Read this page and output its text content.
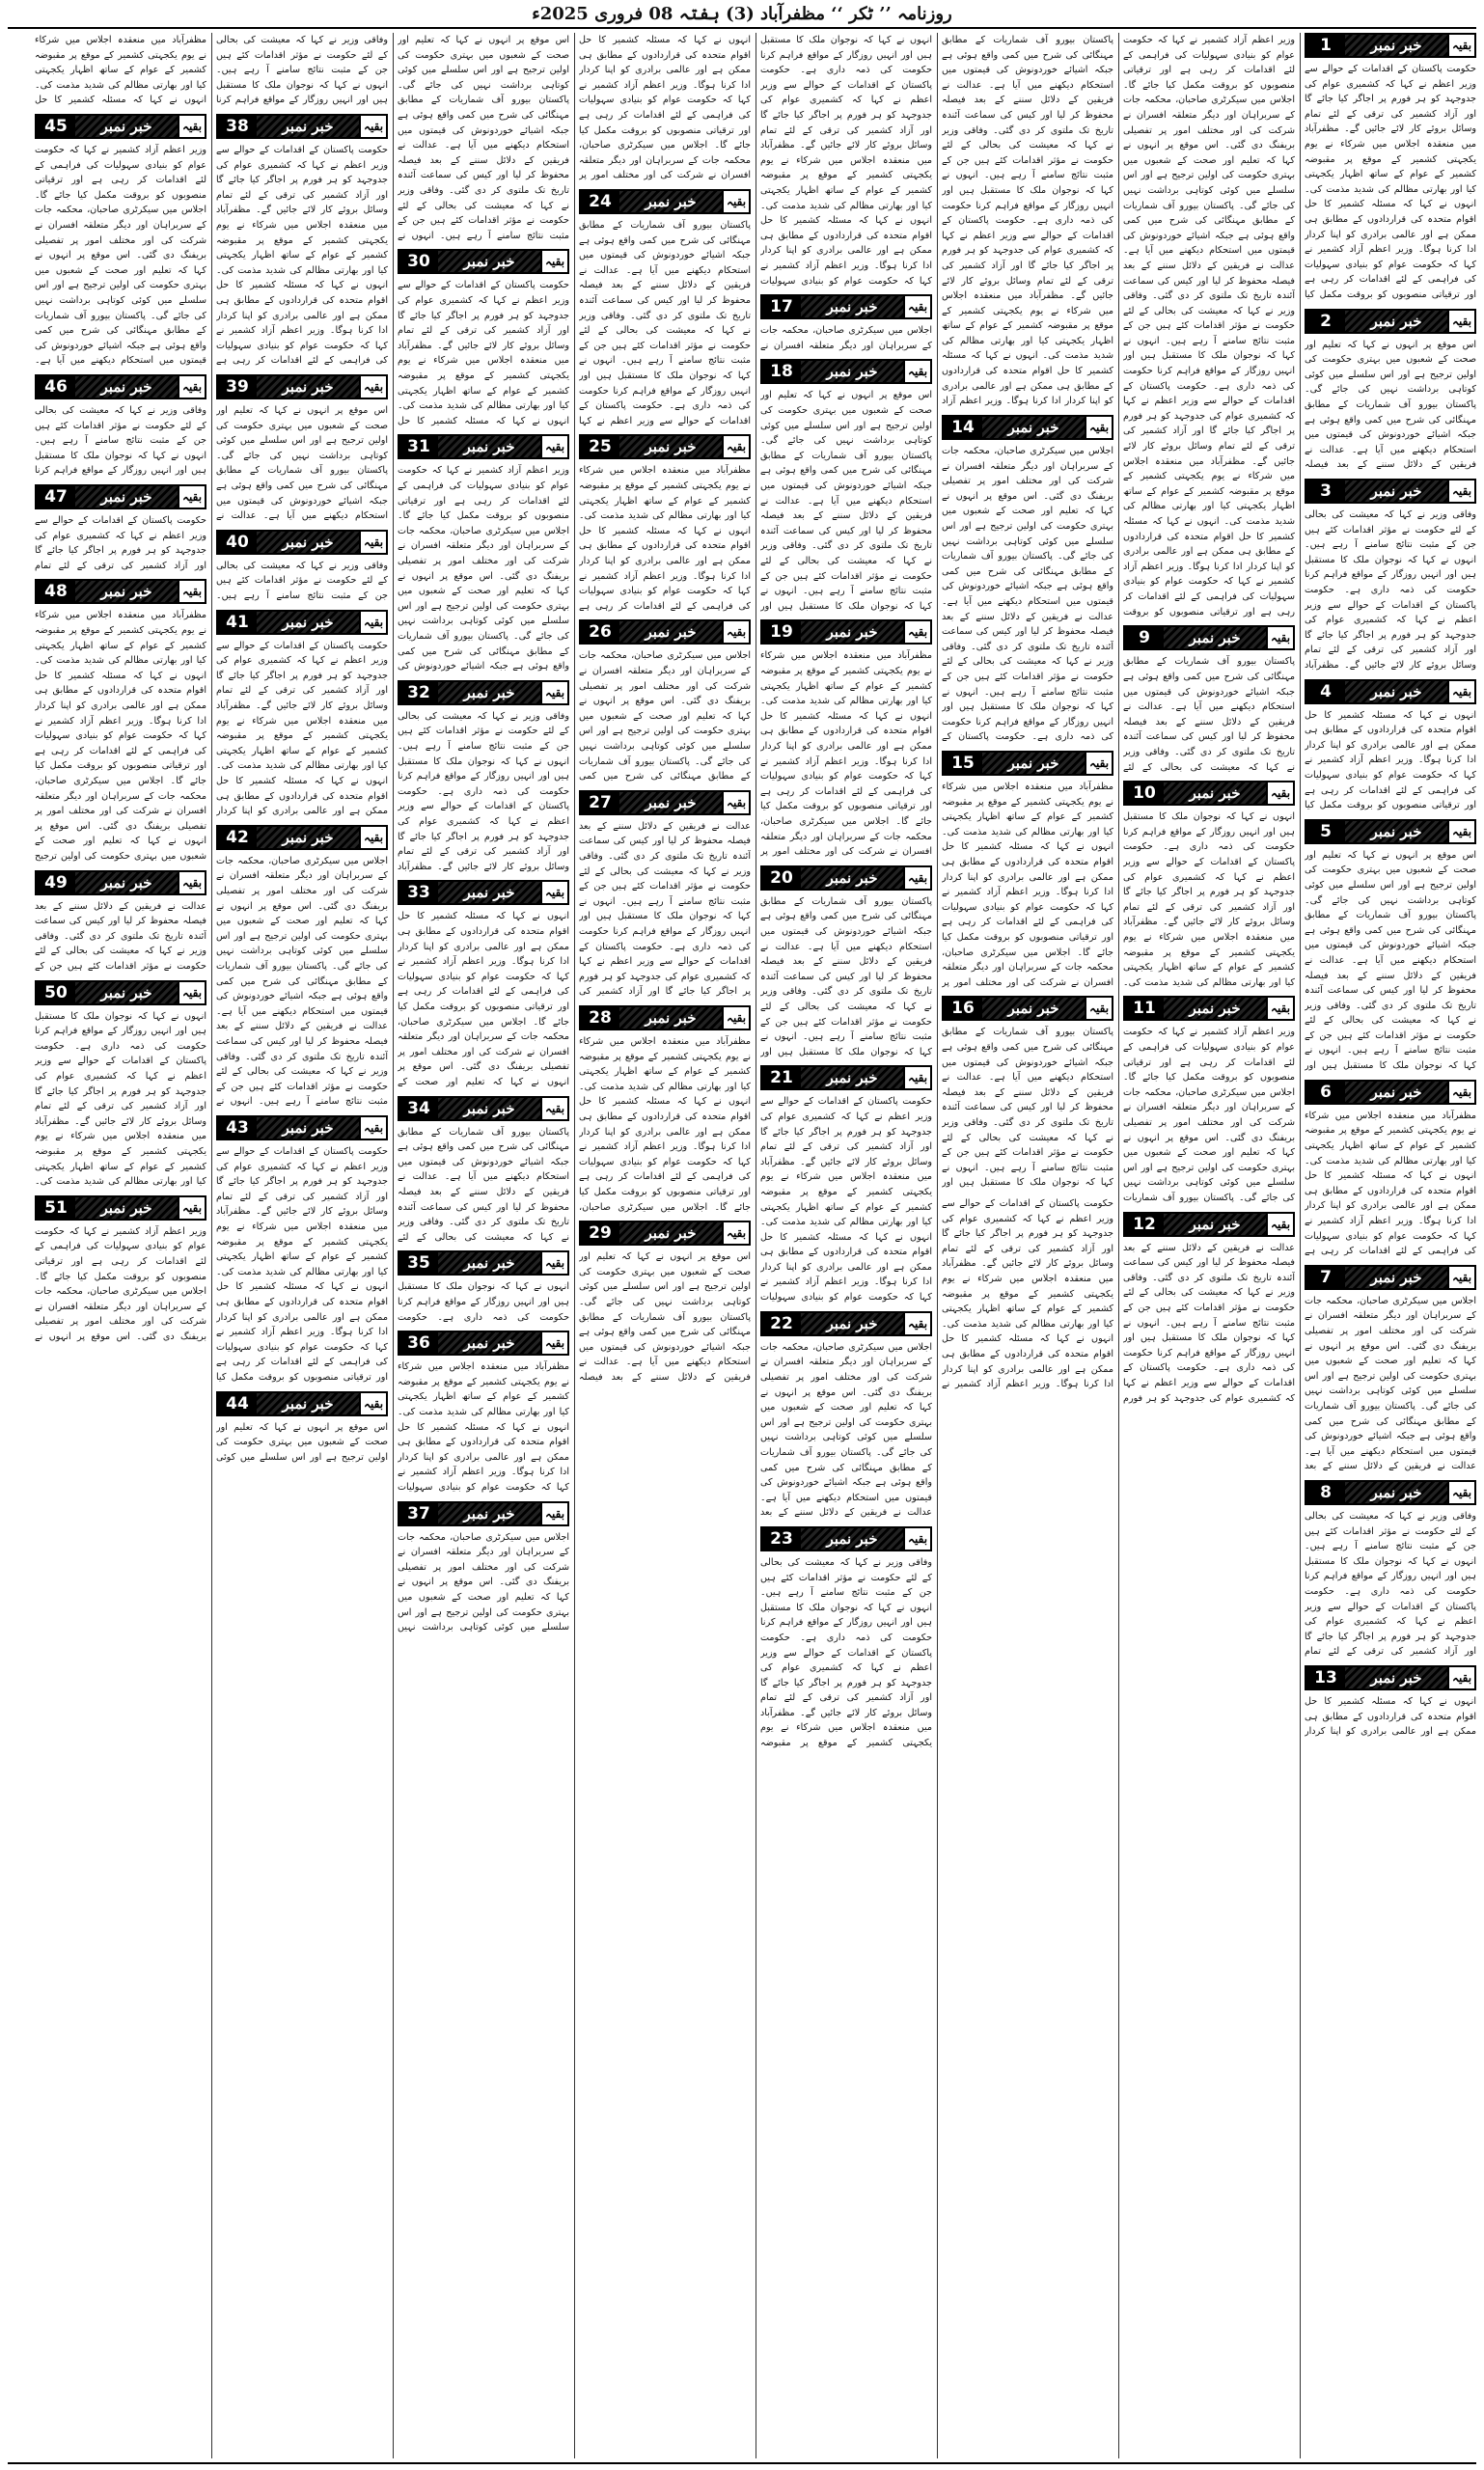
روزنامہ ’’ ٹکر ‘‘ مظفرآباد (3) ہفتہ 08 فروری 2025ء
1	خبر نمبر	بقیہ

حکومت پاکستان کے اقدامات کے حوالے سے وزیر اعظم نے کہا کہ کشمیری عوام کی جدوجہد کو ہر فورم پر اجاگر کیا جائے گا اور آزاد کشمیر کی ترقی کے لئے تمام وسائل بروئے کار لائے جائیں گے۔ مظفرآباد میں منعقدہ اجلاس میں شرکاء نے یوم یکجہتی کشمیر کے موقع پر مقبوضہ کشمیر کے عوام کے ساتھ اظہار یکجہتی کیا اور بھارتی مظالم کی شدید مذمت کی۔ انہوں نے کہا کہ مسئلہ کشمیر کا حل اقوام متحدہ کی قراردادوں کے مطابق ہی ممکن ہے اور عالمی برادری کو اپنا کردار ادا کرنا ہوگا۔ وزیر اعظم آزاد کشمیر نے کہا کہ حکومت عوام کو بنیادی سہولیات کی فراہمی کے لئے اقدامات کر رہی ہے اور ترقیاتی منصوبوں کو بروقت مکمل کیا

2	خبر نمبر	بقیہ

اس موقع پر انہوں نے کہا کہ تعلیم اور صحت کے شعبوں میں بہتری حکومت کی اولین ترجیح ہے اور اس سلسلے میں کوئی کوتاہی برداشت نہیں کی جائے گی۔ پاکستان بیورو آف شماریات کے مطابق مہنگائی کی شرح میں کمی واقع ہوئی ہے جبکہ اشیائے خوردونوش کی قیمتوں میں استحکام دیکھنے میں آیا ہے۔ عدالت نے فریقین کے دلائل سننے کے بعد فیصلہ

3	خبر نمبر	بقیہ

وفاقی وزیر نے کہا کہ معیشت کی بحالی کے لئے حکومت نے مؤثر اقدامات کئے ہیں جن کے مثبت نتائج سامنے آ رہے ہیں۔ انہوں نے کہا کہ نوجوان ملک کا مستقبل ہیں اور انہیں روزگار کے مواقع فراہم کرنا حکومت کی ذمہ داری ہے۔ حکومت پاکستان کے اقدامات کے حوالے سے وزیر اعظم نے کہا کہ کشمیری عوام کی جدوجہد کو ہر فورم پر اجاگر کیا جائے گا اور آزاد کشمیر کی ترقی کے لئے تمام وسائل بروئے کار لائے جائیں گے۔ مظفرآباد

4	خبر نمبر	بقیہ

انہوں نے کہا کہ مسئلہ کشمیر کا حل اقوام متحدہ کی قراردادوں کے مطابق ہی ممکن ہے اور عالمی برادری کو اپنا کردار ادا کرنا ہوگا۔ وزیر اعظم آزاد کشمیر نے کہا کہ حکومت عوام کو بنیادی سہولیات کی فراہمی کے لئے اقدامات کر رہی ہے اور ترقیاتی منصوبوں کو بروقت مکمل کیا

5	خبر نمبر	بقیہ

اس موقع پر انہوں نے کہا کہ تعلیم اور صحت کے شعبوں میں بہتری حکومت کی اولین ترجیح ہے اور اس سلسلے میں کوئی کوتاہی برداشت نہیں کی جائے گی۔ پاکستان بیورو آف شماریات کے مطابق مہنگائی کی شرح میں کمی واقع ہوئی ہے جبکہ اشیائے خوردونوش کی قیمتوں میں استحکام دیکھنے میں آیا ہے۔ عدالت نے فریقین کے دلائل سننے کے بعد فیصلہ محفوظ کر لیا اور کیس کی سماعت آئندہ تاریخ تک ملتوی کر دی گئی۔ وفاقی وزیر نے کہا کہ معیشت کی بحالی کے لئے حکومت نے مؤثر اقدامات کئے ہیں جن کے مثبت نتائج سامنے آ رہے ہیں۔ انہوں نے کہا کہ نوجوان ملک کا مستقبل ہیں اور

6	خبر نمبر	بقیہ

مظفرآباد میں منعقدہ اجلاس میں شرکاء نے یوم یکجہتی کشمیر کے موقع پر مقبوضہ کشمیر کے عوام کے ساتھ اظہار یکجہتی کیا اور بھارتی مظالم کی شدید مذمت کی۔ انہوں نے کہا کہ مسئلہ کشمیر کا حل اقوام متحدہ کی قراردادوں کے مطابق ہی ممکن ہے اور عالمی برادری کو اپنا کردار ادا کرنا ہوگا۔ وزیر اعظم آزاد کشمیر نے کہا کہ حکومت عوام کو بنیادی سہولیات کی فراہمی کے لئے اقدامات کر رہی ہے

7	خبر نمبر	بقیہ

اجلاس میں سیکرٹری صاحبان، محکمہ جات کے سربراہان اور دیگر متعلقہ افسران نے شرکت کی اور مختلف امور پر تفصیلی بریفنگ دی گئی۔ اس موقع پر انہوں نے کہا کہ تعلیم اور صحت کے شعبوں میں بہتری حکومت کی اولین ترجیح ہے اور اس سلسلے میں کوئی کوتاہی برداشت نہیں کی جائے گی۔ پاکستان بیورو آف شماریات کے مطابق مہنگائی کی شرح میں کمی واقع ہوئی ہے جبکہ اشیائے خوردونوش کی قیمتوں میں استحکام دیکھنے میں آیا ہے۔ عدالت نے فریقین کے دلائل سننے کے بعد

8	خبر نمبر	بقیہ

وفاقی وزیر نے کہا کہ معیشت کی بحالی کے لئے حکومت نے مؤثر اقدامات کئے ہیں جن کے مثبت نتائج سامنے آ رہے ہیں۔ انہوں نے کہا کہ نوجوان ملک کا مستقبل ہیں اور انہیں روزگار کے مواقع فراہم کرنا حکومت کی ذمہ داری ہے۔ حکومت پاکستان کے اقدامات کے حوالے سے وزیر اعظم نے کہا کہ کشمیری عوام کی جدوجہد کو ہر فورم پر اجاگر کیا جائے گا اور آزاد کشمیر کی ترقی کے لئے تمام

13	خبر نمبر	بقیہ

انہوں نے کہا کہ مسئلہ کشمیر کا حل اقوام متحدہ کی قراردادوں کے مطابق ہی ممکن ہے اور عالمی برادری کو اپنا کردار

وزیر اعظم آزاد کشمیر نے کہا کہ حکومت عوام کو بنیادی سہولیات کی فراہمی کے لئے اقدامات کر رہی ہے اور ترقیاتی منصوبوں کو بروقت مکمل کیا جائے گا۔ اجلاس میں سیکرٹری صاحبان، محکمہ جات کے سربراہان اور دیگر متعلقہ افسران نے شرکت کی اور مختلف امور پر تفصیلی بریفنگ دی گئی۔ اس موقع پر انہوں نے کہا کہ تعلیم اور صحت کے شعبوں میں بہتری حکومت کی اولین ترجیح ہے اور اس سلسلے میں کوئی کوتاہی برداشت نہیں کی جائے گی۔ پاکستان بیورو آف شماریات کے مطابق مہنگائی کی شرح میں کمی واقع ہوئی ہے جبکہ اشیائے خوردونوش کی قیمتوں میں استحکام دیکھنے میں آیا ہے۔ عدالت نے فریقین کے دلائل سننے کے بعد فیصلہ محفوظ کر لیا اور کیس کی سماعت آئندہ تاریخ تک ملتوی کر دی گئی۔ وفاقی وزیر نے کہا کہ معیشت کی بحالی کے لئے حکومت نے مؤثر اقدامات کئے ہیں جن کے مثبت نتائج سامنے آ رہے ہیں۔ انہوں نے کہا کہ نوجوان ملک کا مستقبل ہیں اور انہیں روزگار کے مواقع فراہم کرنا حکومت کی ذمہ داری ہے۔ حکومت پاکستان کے اقدامات کے حوالے سے وزیر اعظم نے کہا کہ کشمیری عوام کی جدوجہد کو ہر فورم پر اجاگر کیا جائے گا اور آزاد کشمیر کی ترقی کے لئے تمام وسائل بروئے کار لائے جائیں گے۔ مظفرآباد میں منعقدہ اجلاس میں شرکاء نے یوم یکجہتی کشمیر کے موقع پر مقبوضہ کشمیر کے عوام کے ساتھ اظہار یکجہتی کیا اور بھارتی مظالم کی شدید مذمت کی۔ انہوں نے کہا کہ مسئلہ کشمیر کا حل اقوام متحدہ کی قراردادوں کے مطابق ہی ممکن ہے اور عالمی برادری کو اپنا کردار ادا کرنا ہوگا۔ وزیر اعظم آزاد کشمیر نے کہا کہ حکومت عوام کو بنیادی سہولیات کی فراہمی کے لئے اقدامات کر رہی ہے اور ترقیاتی منصوبوں کو بروقت

9	خبر نمبر	بقیہ

پاکستان بیورو آف شماریات کے مطابق مہنگائی کی شرح میں کمی واقع ہوئی ہے جبکہ اشیائے خوردونوش کی قیمتوں میں استحکام دیکھنے میں آیا ہے۔ عدالت نے فریقین کے دلائل سننے کے بعد فیصلہ محفوظ کر لیا اور کیس کی سماعت آئندہ تاریخ تک ملتوی کر دی گئی۔ وفاقی وزیر نے کہا کہ معیشت کی بحالی کے لئے

10	خبر نمبر	بقیہ

انہوں نے کہا کہ نوجوان ملک کا مستقبل ہیں اور انہیں روزگار کے مواقع فراہم کرنا حکومت کی ذمہ داری ہے۔ حکومت پاکستان کے اقدامات کے حوالے سے وزیر اعظم نے کہا کہ کشمیری عوام کی جدوجہد کو ہر فورم پر اجاگر کیا جائے گا اور آزاد کشمیر کی ترقی کے لئے تمام وسائل بروئے کار لائے جائیں گے۔ مظفرآباد میں منعقدہ اجلاس میں شرکاء نے یوم یکجہتی کشمیر کے موقع پر مقبوضہ کشمیر کے عوام کے ساتھ اظہار یکجہتی کیا اور بھارتی مظالم کی شدید مذمت کی۔

11	خبر نمبر	بقیہ

وزیر اعظم آزاد کشمیر نے کہا کہ حکومت عوام کو بنیادی سہولیات کی فراہمی کے لئے اقدامات کر رہی ہے اور ترقیاتی منصوبوں کو بروقت مکمل کیا جائے گا۔ اجلاس میں سیکرٹری صاحبان، محکمہ جات کے سربراہان اور دیگر متعلقہ افسران نے شرکت کی اور مختلف امور پر تفصیلی بریفنگ دی گئی۔ اس موقع پر انہوں نے کہا کہ تعلیم اور صحت کے شعبوں میں بہتری حکومت کی اولین ترجیح ہے اور اس سلسلے میں کوئی کوتاہی برداشت نہیں کی جائے گی۔ پاکستان بیورو آف شماریات

12	خبر نمبر	بقیہ

عدالت نے فریقین کے دلائل سننے کے بعد فیصلہ محفوظ کر لیا اور کیس کی سماعت آئندہ تاریخ تک ملتوی کر دی گئی۔ وفاقی وزیر نے کہا کہ معیشت کی بحالی کے لئے حکومت نے مؤثر اقدامات کئے ہیں جن کے مثبت نتائج سامنے آ رہے ہیں۔ انہوں نے کہا کہ نوجوان ملک کا مستقبل ہیں اور انہیں روزگار کے مواقع فراہم کرنا حکومت کی ذمہ داری ہے۔ حکومت پاکستان کے اقدامات کے حوالے سے وزیر اعظم نے کہا کہ کشمیری عوام کی جدوجہد کو ہر فورم

پاکستان بیورو آف شماریات کے مطابق مہنگائی کی شرح میں کمی واقع ہوئی ہے جبکہ اشیائے خوردونوش کی قیمتوں میں استحکام دیکھنے میں آیا ہے۔ عدالت نے فریقین کے دلائل سننے کے بعد فیصلہ محفوظ کر لیا اور کیس کی سماعت آئندہ تاریخ تک ملتوی کر دی گئی۔ وفاقی وزیر نے کہا کہ معیشت کی بحالی کے لئے حکومت نے مؤثر اقدامات کئے ہیں جن کے مثبت نتائج سامنے آ رہے ہیں۔ انہوں نے کہا کہ نوجوان ملک کا مستقبل ہیں اور انہیں روزگار کے مواقع فراہم کرنا حکومت کی ذمہ داری ہے۔ حکومت پاکستان کے اقدامات کے حوالے سے وزیر اعظم نے کہا کہ کشمیری عوام کی جدوجہد کو ہر فورم پر اجاگر کیا جائے گا اور آزاد کشمیر کی ترقی کے لئے تمام وسائل بروئے کار لائے جائیں گے۔ مظفرآباد میں منعقدہ اجلاس میں شرکاء نے یوم یکجہتی کشمیر کے موقع پر مقبوضہ کشمیر کے عوام کے ساتھ اظہار یکجہتی کیا اور بھارتی مظالم کی شدید مذمت کی۔ انہوں نے کہا کہ مسئلہ کشمیر کا حل اقوام متحدہ کی قراردادوں کے مطابق ہی ممکن ہے اور عالمی برادری کو اپنا کردار ادا کرنا ہوگا۔ وزیر اعظم آزاد

14	خبر نمبر	بقیہ

اجلاس میں سیکرٹری صاحبان، محکمہ جات کے سربراہان اور دیگر متعلقہ افسران نے شرکت کی اور مختلف امور پر تفصیلی بریفنگ دی گئی۔ اس موقع پر انہوں نے کہا کہ تعلیم اور صحت کے شعبوں میں بہتری حکومت کی اولین ترجیح ہے اور اس سلسلے میں کوئی کوتاہی برداشت نہیں کی جائے گی۔ پاکستان بیورو آف شماریات کے مطابق مہنگائی کی شرح میں کمی واقع ہوئی ہے جبکہ اشیائے خوردونوش کی قیمتوں میں استحکام دیکھنے میں آیا ہے۔ عدالت نے فریقین کے دلائل سننے کے بعد فیصلہ محفوظ کر لیا اور کیس کی سماعت آئندہ تاریخ تک ملتوی کر دی گئی۔ وفاقی وزیر نے کہا کہ معیشت کی بحالی کے لئے حکومت نے مؤثر اقدامات کئے ہیں جن کے مثبت نتائج سامنے آ رہے ہیں۔ انہوں نے کہا کہ نوجوان ملک کا مستقبل ہیں اور انہیں روزگار کے مواقع فراہم کرنا حکومت کی ذمہ داری ہے۔ حکومت پاکستان کے

15	خبر نمبر	بقیہ

مظفرآباد میں منعقدہ اجلاس میں شرکاء نے یوم یکجہتی کشمیر کے موقع پر مقبوضہ کشمیر کے عوام کے ساتھ اظہار یکجہتی کیا اور بھارتی مظالم کی شدید مذمت کی۔ انہوں نے کہا کہ مسئلہ کشمیر کا حل اقوام متحدہ کی قراردادوں کے مطابق ہی ممکن ہے اور عالمی برادری کو اپنا کردار ادا کرنا ہوگا۔ وزیر اعظم آزاد کشمیر نے کہا کہ حکومت عوام کو بنیادی سہولیات کی فراہمی کے لئے اقدامات کر رہی ہے اور ترقیاتی منصوبوں کو بروقت مکمل کیا جائے گا۔ اجلاس میں سیکرٹری صاحبان، محکمہ جات کے سربراہان اور دیگر متعلقہ افسران نے شرکت کی اور مختلف امور پر

16	خبر نمبر	بقیہ

پاکستان بیورو آف شماریات کے مطابق مہنگائی کی شرح میں کمی واقع ہوئی ہے جبکہ اشیائے خوردونوش کی قیمتوں میں استحکام دیکھنے میں آیا ہے۔ عدالت نے فریقین کے دلائل سننے کے بعد فیصلہ محفوظ کر لیا اور کیس کی سماعت آئندہ تاریخ تک ملتوی کر دی گئی۔ وفاقی وزیر نے کہا کہ معیشت کی بحالی کے لئے حکومت نے مؤثر اقدامات کئے ہیں جن کے مثبت نتائج سامنے آ رہے ہیں۔ انہوں نے کہا کہ نوجوان ملک کا مستقبل ہیں اور

حکومت پاکستان کے اقدامات کے حوالے سے وزیر اعظم نے کہا کہ کشمیری عوام کی جدوجہد کو ہر فورم پر اجاگر کیا جائے گا اور آزاد کشمیر کی ترقی کے لئے تمام وسائل بروئے کار لائے جائیں گے۔ مظفرآباد میں منعقدہ اجلاس میں شرکاء نے یوم یکجہتی کشمیر کے موقع پر مقبوضہ کشمیر کے عوام کے ساتھ اظہار یکجہتی کیا اور بھارتی مظالم کی شدید مذمت کی۔ انہوں نے کہا کہ مسئلہ کشمیر کا حل اقوام متحدہ کی قراردادوں کے مطابق ہی ممکن ہے اور عالمی برادری کو اپنا کردار ادا کرنا ہوگا۔ وزیر اعظم آزاد کشمیر نے

انہوں نے کہا کہ نوجوان ملک کا مستقبل ہیں اور انہیں روزگار کے مواقع فراہم کرنا حکومت کی ذمہ داری ہے۔ حکومت پاکستان کے اقدامات کے حوالے سے وزیر اعظم نے کہا کہ کشمیری عوام کی جدوجہد کو ہر فورم پر اجاگر کیا جائے گا اور آزاد کشمیر کی ترقی کے لئے تمام وسائل بروئے کار لائے جائیں گے۔ مظفرآباد میں منعقدہ اجلاس میں شرکاء نے یوم یکجہتی کشمیر کے موقع پر مقبوضہ کشمیر کے عوام کے ساتھ اظہار یکجہتی کیا اور بھارتی مظالم کی شدید مذمت کی۔ انہوں نے کہا کہ مسئلہ کشمیر کا حل اقوام متحدہ کی قراردادوں کے مطابق ہی ممکن ہے اور عالمی برادری کو اپنا کردار ادا کرنا ہوگا۔ وزیر اعظم آزاد کشمیر نے کہا کہ حکومت عوام کو بنیادی سہولیات

17	خبر نمبر	بقیہ

اجلاس میں سیکرٹری صاحبان، محکمہ جات کے سربراہان اور دیگر متعلقہ افسران نے

18	خبر نمبر	بقیہ

اس موقع پر انہوں نے کہا کہ تعلیم اور صحت کے شعبوں میں بہتری حکومت کی اولین ترجیح ہے اور اس سلسلے میں کوئی کوتاہی برداشت نہیں کی جائے گی۔ پاکستان بیورو آف شماریات کے مطابق مہنگائی کی شرح میں کمی واقع ہوئی ہے جبکہ اشیائے خوردونوش کی قیمتوں میں استحکام دیکھنے میں آیا ہے۔ عدالت نے فریقین کے دلائل سننے کے بعد فیصلہ محفوظ کر لیا اور کیس کی سماعت آئندہ تاریخ تک ملتوی کر دی گئی۔ وفاقی وزیر نے کہا کہ معیشت کی بحالی کے لئے حکومت نے مؤثر اقدامات کئے ہیں جن کے مثبت نتائج سامنے آ رہے ہیں۔ انہوں نے کہا کہ نوجوان ملک کا مستقبل ہیں اور

19	خبر نمبر	بقیہ

مظفرآباد میں منعقدہ اجلاس میں شرکاء نے یوم یکجہتی کشمیر کے موقع پر مقبوضہ کشمیر کے عوام کے ساتھ اظہار یکجہتی کیا اور بھارتی مظالم کی شدید مذمت کی۔ انہوں نے کہا کہ مسئلہ کشمیر کا حل اقوام متحدہ کی قراردادوں کے مطابق ہی ممکن ہے اور عالمی برادری کو اپنا کردار ادا کرنا ہوگا۔ وزیر اعظم آزاد کشمیر نے کہا کہ حکومت عوام کو بنیادی سہولیات کی فراہمی کے لئے اقدامات کر رہی ہے اور ترقیاتی منصوبوں کو بروقت مکمل کیا جائے گا۔ اجلاس میں سیکرٹری صاحبان، محکمہ جات کے سربراہان اور دیگر متعلقہ افسران نے شرکت کی اور مختلف امور پر

20	خبر نمبر	بقیہ

پاکستان بیورو آف شماریات کے مطابق مہنگائی کی شرح میں کمی واقع ہوئی ہے جبکہ اشیائے خوردونوش کی قیمتوں میں استحکام دیکھنے میں آیا ہے۔ عدالت نے فریقین کے دلائل سننے کے بعد فیصلہ محفوظ کر لیا اور کیس کی سماعت آئندہ تاریخ تک ملتوی کر دی گئی۔ وفاقی وزیر نے کہا کہ معیشت کی بحالی کے لئے حکومت نے مؤثر اقدامات کئے ہیں جن کے مثبت نتائج سامنے آ رہے ہیں۔ انہوں نے کہا کہ نوجوان ملک کا مستقبل ہیں اور

21	خبر نمبر	بقیہ

حکومت پاکستان کے اقدامات کے حوالے سے وزیر اعظم نے کہا کہ کشمیری عوام کی جدوجہد کو ہر فورم پر اجاگر کیا جائے گا اور آزاد کشمیر کی ترقی کے لئے تمام وسائل بروئے کار لائے جائیں گے۔ مظفرآباد میں منعقدہ اجلاس میں شرکاء نے یوم یکجہتی کشمیر کے موقع پر مقبوضہ کشمیر کے عوام کے ساتھ اظہار یکجہتی کیا اور بھارتی مظالم کی شدید مذمت کی۔ انہوں نے کہا کہ مسئلہ کشمیر کا حل اقوام متحدہ کی قراردادوں کے مطابق ہی ممکن ہے اور عالمی برادری کو اپنا کردار ادا کرنا ہوگا۔ وزیر اعظم آزاد کشمیر نے کہا کہ حکومت عوام کو بنیادی سہولیات

22	خبر نمبر	بقیہ

اجلاس میں سیکرٹری صاحبان، محکمہ جات کے سربراہان اور دیگر متعلقہ افسران نے شرکت کی اور مختلف امور پر تفصیلی بریفنگ دی گئی۔ اس موقع پر انہوں نے کہا کہ تعلیم اور صحت کے شعبوں میں بہتری حکومت کی اولین ترجیح ہے اور اس سلسلے میں کوئی کوتاہی برداشت نہیں کی جائے گی۔ پاکستان بیورو آف شماریات کے مطابق مہنگائی کی شرح میں کمی واقع ہوئی ہے جبکہ اشیائے خوردونوش کی قیمتوں میں استحکام دیکھنے میں آیا ہے۔ عدالت نے فریقین کے دلائل سننے کے بعد

23	خبر نمبر	بقیہ

وفاقی وزیر نے کہا کہ معیشت کی بحالی کے لئے حکومت نے مؤثر اقدامات کئے ہیں جن کے مثبت نتائج سامنے آ رہے ہیں۔ انہوں نے کہا کہ نوجوان ملک کا مستقبل ہیں اور انہیں روزگار کے مواقع فراہم کرنا حکومت کی ذمہ داری ہے۔ حکومت پاکستان کے اقدامات کے حوالے سے وزیر اعظم نے کہا کہ کشمیری عوام کی جدوجہد کو ہر فورم پر اجاگر کیا جائے گا اور آزاد کشمیر کی ترقی کے لئے تمام وسائل بروئے کار لائے جائیں گے۔ مظفرآباد میں منعقدہ اجلاس میں شرکاء نے یوم یکجہتی کشمیر کے موقع پر مقبوضہ

انہوں نے کہا کہ مسئلہ کشمیر کا حل اقوام متحدہ کی قراردادوں کے مطابق ہی ممکن ہے اور عالمی برادری کو اپنا کردار ادا کرنا ہوگا۔ وزیر اعظم آزاد کشمیر نے کہا کہ حکومت عوام کو بنیادی سہولیات کی فراہمی کے لئے اقدامات کر رہی ہے اور ترقیاتی منصوبوں کو بروقت مکمل کیا جائے گا۔ اجلاس میں سیکرٹری صاحبان، محکمہ جات کے سربراہان اور دیگر متعلقہ افسران نے شرکت کی اور مختلف امور پر

24	خبر نمبر	بقیہ

پاکستان بیورو آف شماریات کے مطابق مہنگائی کی شرح میں کمی واقع ہوئی ہے جبکہ اشیائے خوردونوش کی قیمتوں میں استحکام دیکھنے میں آیا ہے۔ عدالت نے فریقین کے دلائل سننے کے بعد فیصلہ محفوظ کر لیا اور کیس کی سماعت آئندہ تاریخ تک ملتوی کر دی گئی۔ وفاقی وزیر نے کہا کہ معیشت کی بحالی کے لئے حکومت نے مؤثر اقدامات کئے ہیں جن کے مثبت نتائج سامنے آ رہے ہیں۔ انہوں نے کہا کہ نوجوان ملک کا مستقبل ہیں اور انہیں روزگار کے مواقع فراہم کرنا حکومت کی ذمہ داری ہے۔ حکومت پاکستان کے اقدامات کے حوالے سے وزیر اعظم نے کہا

25	خبر نمبر	بقیہ

مظفرآباد میں منعقدہ اجلاس میں شرکاء نے یوم یکجہتی کشمیر کے موقع پر مقبوضہ کشمیر کے عوام کے ساتھ اظہار یکجہتی کیا اور بھارتی مظالم کی شدید مذمت کی۔ انہوں نے کہا کہ مسئلہ کشمیر کا حل اقوام متحدہ کی قراردادوں کے مطابق ہی ممکن ہے اور عالمی برادری کو اپنا کردار ادا کرنا ہوگا۔ وزیر اعظم آزاد کشمیر نے کہا کہ حکومت عوام کو بنیادی سہولیات کی فراہمی کے لئے اقدامات کر رہی ہے

26	خبر نمبر	بقیہ

اجلاس میں سیکرٹری صاحبان، محکمہ جات کے سربراہان اور دیگر متعلقہ افسران نے شرکت کی اور مختلف امور پر تفصیلی بریفنگ دی گئی۔ اس موقع پر انہوں نے کہا کہ تعلیم اور صحت کے شعبوں میں بہتری حکومت کی اولین ترجیح ہے اور اس سلسلے میں کوئی کوتاہی برداشت نہیں کی جائے گی۔ پاکستان بیورو آف شماریات کے مطابق مہنگائی کی شرح میں کمی

27	خبر نمبر	بقیہ

عدالت نے فریقین کے دلائل سننے کے بعد فیصلہ محفوظ کر لیا اور کیس کی سماعت آئندہ تاریخ تک ملتوی کر دی گئی۔ وفاقی وزیر نے کہا کہ معیشت کی بحالی کے لئے حکومت نے مؤثر اقدامات کئے ہیں جن کے مثبت نتائج سامنے آ رہے ہیں۔ انہوں نے کہا کہ نوجوان ملک کا مستقبل ہیں اور انہیں روزگار کے مواقع فراہم کرنا حکومت کی ذمہ داری ہے۔ حکومت پاکستان کے اقدامات کے حوالے سے وزیر اعظم نے کہا کہ کشمیری عوام کی جدوجہد کو ہر فورم پر اجاگر کیا جائے گا اور آزاد کشمیر کی

28	خبر نمبر	بقیہ

مظفرآباد میں منعقدہ اجلاس میں شرکاء نے یوم یکجہتی کشمیر کے موقع پر مقبوضہ کشمیر کے عوام کے ساتھ اظہار یکجہتی کیا اور بھارتی مظالم کی شدید مذمت کی۔ انہوں نے کہا کہ مسئلہ کشمیر کا حل اقوام متحدہ کی قراردادوں کے مطابق ہی ممکن ہے اور عالمی برادری کو اپنا کردار ادا کرنا ہوگا۔ وزیر اعظم آزاد کشمیر نے کہا کہ حکومت عوام کو بنیادی سہولیات کی فراہمی کے لئے اقدامات کر رہی ہے اور ترقیاتی منصوبوں کو بروقت مکمل کیا جائے گا۔ اجلاس میں سیکرٹری صاحبان،

29	خبر نمبر	بقیہ

اس موقع پر انہوں نے کہا کہ تعلیم اور صحت کے شعبوں میں بہتری حکومت کی اولین ترجیح ہے اور اس سلسلے میں کوئی کوتاہی برداشت نہیں کی جائے گی۔ پاکستان بیورو آف شماریات کے مطابق مہنگائی کی شرح میں کمی واقع ہوئی ہے جبکہ اشیائے خوردونوش کی قیمتوں میں استحکام دیکھنے میں آیا ہے۔ عدالت نے فریقین کے دلائل سننے کے بعد فیصلہ

اس موقع پر انہوں نے کہا کہ تعلیم اور صحت کے شعبوں میں بہتری حکومت کی اولین ترجیح ہے اور اس سلسلے میں کوئی کوتاہی برداشت نہیں کی جائے گی۔ پاکستان بیورو آف شماریات کے مطابق مہنگائی کی شرح میں کمی واقع ہوئی ہے جبکہ اشیائے خوردونوش کی قیمتوں میں استحکام دیکھنے میں آیا ہے۔ عدالت نے فریقین کے دلائل سننے کے بعد فیصلہ محفوظ کر لیا اور کیس کی سماعت آئندہ تاریخ تک ملتوی کر دی گئی۔ وفاقی وزیر نے کہا کہ معیشت کی بحالی کے لئے حکومت نے مؤثر اقدامات کئے ہیں جن کے مثبت نتائج سامنے آ رہے ہیں۔ انہوں نے

30	خبر نمبر	بقیہ

حکومت پاکستان کے اقدامات کے حوالے سے وزیر اعظم نے کہا کہ کشمیری عوام کی جدوجہد کو ہر فورم پر اجاگر کیا جائے گا اور آزاد کشمیر کی ترقی کے لئے تمام وسائل بروئے کار لائے جائیں گے۔ مظفرآباد میں منعقدہ اجلاس میں شرکاء نے یوم یکجہتی کشمیر کے موقع پر مقبوضہ کشمیر کے عوام کے ساتھ اظہار یکجہتی کیا اور بھارتی مظالم کی شدید مذمت کی۔ انہوں نے کہا کہ مسئلہ کشمیر کا حل

31	خبر نمبر	بقیہ

وزیر اعظم آزاد کشمیر نے کہا کہ حکومت عوام کو بنیادی سہولیات کی فراہمی کے لئے اقدامات کر رہی ہے اور ترقیاتی منصوبوں کو بروقت مکمل کیا جائے گا۔ اجلاس میں سیکرٹری صاحبان، محکمہ جات کے سربراہان اور دیگر متعلقہ افسران نے شرکت کی اور مختلف امور پر تفصیلی بریفنگ دی گئی۔ اس موقع پر انہوں نے کہا کہ تعلیم اور صحت کے شعبوں میں بہتری حکومت کی اولین ترجیح ہے اور اس سلسلے میں کوئی کوتاہی برداشت نہیں کی جائے گی۔ پاکستان بیورو آف شماریات کے مطابق مہنگائی کی شرح میں کمی واقع ہوئی ہے جبکہ اشیائے خوردونوش کی

32	خبر نمبر	بقیہ

وفاقی وزیر نے کہا کہ معیشت کی بحالی کے لئے حکومت نے مؤثر اقدامات کئے ہیں جن کے مثبت نتائج سامنے آ رہے ہیں۔ انہوں نے کہا کہ نوجوان ملک کا مستقبل ہیں اور انہیں روزگار کے مواقع فراہم کرنا حکومت کی ذمہ داری ہے۔ حکومت پاکستان کے اقدامات کے حوالے سے وزیر اعظم نے کہا کہ کشمیری عوام کی جدوجہد کو ہر فورم پر اجاگر کیا جائے گا اور آزاد کشمیر کی ترقی کے لئے تمام وسائل بروئے کار لائے جائیں گے۔ مظفرآباد

33	خبر نمبر	بقیہ

انہوں نے کہا کہ مسئلہ کشمیر کا حل اقوام متحدہ کی قراردادوں کے مطابق ہی ممکن ہے اور عالمی برادری کو اپنا کردار ادا کرنا ہوگا۔ وزیر اعظم آزاد کشمیر نے کہا کہ حکومت عوام کو بنیادی سہولیات کی فراہمی کے لئے اقدامات کر رہی ہے اور ترقیاتی منصوبوں کو بروقت مکمل کیا جائے گا۔ اجلاس میں سیکرٹری صاحبان، محکمہ جات کے سربراہان اور دیگر متعلقہ افسران نے شرکت کی اور مختلف امور پر تفصیلی بریفنگ دی گئی۔ اس موقع پر انہوں نے کہا کہ تعلیم اور صحت کے

34	خبر نمبر	بقیہ

پاکستان بیورو آف شماریات کے مطابق مہنگائی کی شرح میں کمی واقع ہوئی ہے جبکہ اشیائے خوردونوش کی قیمتوں میں استحکام دیکھنے میں آیا ہے۔ عدالت نے فریقین کے دلائل سننے کے بعد فیصلہ محفوظ کر لیا اور کیس کی سماعت آئندہ تاریخ تک ملتوی کر دی گئی۔ وفاقی وزیر نے کہا کہ معیشت کی بحالی کے لئے

35	خبر نمبر	بقیہ

انہوں نے کہا کہ نوجوان ملک کا مستقبل ہیں اور انہیں روزگار کے مواقع فراہم کرنا حکومت کی ذمہ داری ہے۔ حکومت

36	خبر نمبر	بقیہ

مظفرآباد میں منعقدہ اجلاس میں شرکاء نے یوم یکجہتی کشمیر کے موقع پر مقبوضہ کشمیر کے عوام کے ساتھ اظہار یکجہتی کیا اور بھارتی مظالم کی شدید مذمت کی۔ انہوں نے کہا کہ مسئلہ کشمیر کا حل اقوام متحدہ کی قراردادوں کے مطابق ہی ممکن ہے اور عالمی برادری کو اپنا کردار ادا کرنا ہوگا۔ وزیر اعظم آزاد کشمیر نے کہا کہ حکومت عوام کو بنیادی سہولیات

37	خبر نمبر	بقیہ

اجلاس میں سیکرٹری صاحبان، محکمہ جات کے سربراہان اور دیگر متعلقہ افسران نے شرکت کی اور مختلف امور پر تفصیلی بریفنگ دی گئی۔ اس موقع پر انہوں نے کہا کہ تعلیم اور صحت کے شعبوں میں بہتری حکومت کی اولین ترجیح ہے اور اس سلسلے میں کوئی کوتاہی برداشت نہیں

وفاقی وزیر نے کہا کہ معیشت کی بحالی کے لئے حکومت نے مؤثر اقدامات کئے ہیں جن کے مثبت نتائج سامنے آ رہے ہیں۔ انہوں نے کہا کہ نوجوان ملک کا مستقبل ہیں اور انہیں روزگار کے مواقع فراہم کرنا

38	خبر نمبر	بقیہ

حکومت پاکستان کے اقدامات کے حوالے سے وزیر اعظم نے کہا کہ کشمیری عوام کی جدوجہد کو ہر فورم پر اجاگر کیا جائے گا اور آزاد کشمیر کی ترقی کے لئے تمام وسائل بروئے کار لائے جائیں گے۔ مظفرآباد میں منعقدہ اجلاس میں شرکاء نے یوم یکجہتی کشمیر کے موقع پر مقبوضہ کشمیر کے عوام کے ساتھ اظہار یکجہتی کیا اور بھارتی مظالم کی شدید مذمت کی۔ انہوں نے کہا کہ مسئلہ کشمیر کا حل اقوام متحدہ کی قراردادوں کے مطابق ہی ممکن ہے اور عالمی برادری کو اپنا کردار ادا کرنا ہوگا۔ وزیر اعظم آزاد کشمیر نے کہا کہ حکومت عوام کو بنیادی سہولیات کی فراہمی کے لئے اقدامات کر رہی ہے

39	خبر نمبر	بقیہ

اس موقع پر انہوں نے کہا کہ تعلیم اور صحت کے شعبوں میں بہتری حکومت کی اولین ترجیح ہے اور اس سلسلے میں کوئی کوتاہی برداشت نہیں کی جائے گی۔ پاکستان بیورو آف شماریات کے مطابق مہنگائی کی شرح میں کمی واقع ہوئی ہے جبکہ اشیائے خوردونوش کی قیمتوں میں استحکام دیکھنے میں آیا ہے۔ عدالت نے

40	خبر نمبر	بقیہ

وفاقی وزیر نے کہا کہ معیشت کی بحالی کے لئے حکومت نے مؤثر اقدامات کئے ہیں جن کے مثبت نتائج سامنے آ رہے ہیں۔

41	خبر نمبر	بقیہ

حکومت پاکستان کے اقدامات کے حوالے سے وزیر اعظم نے کہا کہ کشمیری عوام کی جدوجہد کو ہر فورم پر اجاگر کیا جائے گا اور آزاد کشمیر کی ترقی کے لئے تمام وسائل بروئے کار لائے جائیں گے۔ مظفرآباد میں منعقدہ اجلاس میں شرکاء نے یوم یکجہتی کشمیر کے موقع پر مقبوضہ کشمیر کے عوام کے ساتھ اظہار یکجہتی کیا اور بھارتی مظالم کی شدید مذمت کی۔ انہوں نے کہا کہ مسئلہ کشمیر کا حل اقوام متحدہ کی قراردادوں کے مطابق ہی ممکن ہے اور عالمی برادری کو اپنا کردار

42	خبر نمبر	بقیہ

اجلاس میں سیکرٹری صاحبان، محکمہ جات کے سربراہان اور دیگر متعلقہ افسران نے شرکت کی اور مختلف امور پر تفصیلی بریفنگ دی گئی۔ اس موقع پر انہوں نے کہا کہ تعلیم اور صحت کے شعبوں میں بہتری حکومت کی اولین ترجیح ہے اور اس سلسلے میں کوئی کوتاہی برداشت نہیں کی جائے گی۔ پاکستان بیورو آف شماریات کے مطابق مہنگائی کی شرح میں کمی واقع ہوئی ہے جبکہ اشیائے خوردونوش کی قیمتوں میں استحکام دیکھنے میں آیا ہے۔ عدالت نے فریقین کے دلائل سننے کے بعد فیصلہ محفوظ کر لیا اور کیس کی سماعت آئندہ تاریخ تک ملتوی کر دی گئی۔ وفاقی وزیر نے کہا کہ معیشت کی بحالی کے لئے حکومت نے مؤثر اقدامات کئے ہیں جن کے مثبت نتائج سامنے آ رہے ہیں۔ انہوں نے

43	خبر نمبر	بقیہ

حکومت پاکستان کے اقدامات کے حوالے سے وزیر اعظم نے کہا کہ کشمیری عوام کی جدوجہد کو ہر فورم پر اجاگر کیا جائے گا اور آزاد کشمیر کی ترقی کے لئے تمام وسائل بروئے کار لائے جائیں گے۔ مظفرآباد میں منعقدہ اجلاس میں شرکاء نے یوم یکجہتی کشمیر کے موقع پر مقبوضہ کشمیر کے عوام کے ساتھ اظہار یکجہتی کیا اور بھارتی مظالم کی شدید مذمت کی۔ انہوں نے کہا کہ مسئلہ کشمیر کا حل اقوام متحدہ کی قراردادوں کے مطابق ہی ممکن ہے اور عالمی برادری کو اپنا کردار ادا کرنا ہوگا۔ وزیر اعظم آزاد کشمیر نے کہا کہ حکومت عوام کو بنیادی سہولیات کی فراہمی کے لئے اقدامات کر رہی ہے اور ترقیاتی منصوبوں کو بروقت مکمل کیا

44	خبر نمبر	بقیہ

اس موقع پر انہوں نے کہا کہ تعلیم اور صحت کے شعبوں میں بہتری حکومت کی اولین ترجیح ہے اور اس سلسلے میں کوئی

مظفرآباد میں منعقدہ اجلاس میں شرکاء نے یوم یکجہتی کشمیر کے موقع پر مقبوضہ کشمیر کے عوام کے ساتھ اظہار یکجہتی کیا اور بھارتی مظالم کی شدید مذمت کی۔ انہوں نے کہا کہ مسئلہ کشمیر کا حل

45	خبر نمبر	بقیہ

وزیر اعظم آزاد کشمیر نے کہا کہ حکومت عوام کو بنیادی سہولیات کی فراہمی کے لئے اقدامات کر رہی ہے اور ترقیاتی منصوبوں کو بروقت مکمل کیا جائے گا۔ اجلاس میں سیکرٹری صاحبان، محکمہ جات کے سربراہان اور دیگر متعلقہ افسران نے شرکت کی اور مختلف امور پر تفصیلی بریفنگ دی گئی۔ اس موقع پر انہوں نے کہا کہ تعلیم اور صحت کے شعبوں میں بہتری حکومت کی اولین ترجیح ہے اور اس سلسلے میں کوئی کوتاہی برداشت نہیں کی جائے گی۔ پاکستان بیورو آف شماریات کے مطابق مہنگائی کی شرح میں کمی واقع ہوئی ہے جبکہ اشیائے خوردونوش کی قیمتوں میں استحکام دیکھنے میں آیا ہے۔

46	خبر نمبر	بقیہ

وفاقی وزیر نے کہا کہ معیشت کی بحالی کے لئے حکومت نے مؤثر اقدامات کئے ہیں جن کے مثبت نتائج سامنے آ رہے ہیں۔ انہوں نے کہا کہ نوجوان ملک کا مستقبل ہیں اور انہیں روزگار کے مواقع فراہم کرنا

47	خبر نمبر	بقیہ

حکومت پاکستان کے اقدامات کے حوالے سے وزیر اعظم نے کہا کہ کشمیری عوام کی جدوجہد کو ہر فورم پر اجاگر کیا جائے گا اور آزاد کشمیر کی ترقی کے لئے تمام

48	خبر نمبر	بقیہ

مظفرآباد میں منعقدہ اجلاس میں شرکاء نے یوم یکجہتی کشمیر کے موقع پر مقبوضہ کشمیر کے عوام کے ساتھ اظہار یکجہتی کیا اور بھارتی مظالم کی شدید مذمت کی۔ انہوں نے کہا کہ مسئلہ کشمیر کا حل اقوام متحدہ کی قراردادوں کے مطابق ہی ممکن ہے اور عالمی برادری کو اپنا کردار ادا کرنا ہوگا۔ وزیر اعظم آزاد کشمیر نے کہا کہ حکومت عوام کو بنیادی سہولیات کی فراہمی کے لئے اقدامات کر رہی ہے اور ترقیاتی منصوبوں کو بروقت مکمل کیا جائے گا۔ اجلاس میں سیکرٹری صاحبان، محکمہ جات کے سربراہان اور دیگر متعلقہ افسران نے شرکت کی اور مختلف امور پر تفصیلی بریفنگ دی گئی۔ اس موقع پر انہوں نے کہا کہ تعلیم اور صحت کے شعبوں میں بہتری حکومت کی اولین ترجیح

49	خبر نمبر	بقیہ

عدالت نے فریقین کے دلائل سننے کے بعد فیصلہ محفوظ کر لیا اور کیس کی سماعت آئندہ تاریخ تک ملتوی کر دی گئی۔ وفاقی وزیر نے کہا کہ معیشت کی بحالی کے لئے حکومت نے مؤثر اقدامات کئے ہیں جن کے

50	خبر نمبر	بقیہ

انہوں نے کہا کہ نوجوان ملک کا مستقبل ہیں اور انہیں روزگار کے مواقع فراہم کرنا حکومت کی ذمہ داری ہے۔ حکومت پاکستان کے اقدامات کے حوالے سے وزیر اعظم نے کہا کہ کشمیری عوام کی جدوجہد کو ہر فورم پر اجاگر کیا جائے گا اور آزاد کشمیر کی ترقی کے لئے تمام وسائل بروئے کار لائے جائیں گے۔ مظفرآباد میں منعقدہ اجلاس میں شرکاء نے یوم یکجہتی کشمیر کے موقع پر مقبوضہ کشمیر کے عوام کے ساتھ اظہار یکجہتی کیا اور بھارتی مظالم کی شدید مذمت کی۔

51	خبر نمبر	بقیہ

وزیر اعظم آزاد کشمیر نے کہا کہ حکومت عوام کو بنیادی سہولیات کی فراہمی کے لئے اقدامات کر رہی ہے اور ترقیاتی منصوبوں کو بروقت مکمل کیا جائے گا۔ اجلاس میں سیکرٹری صاحبان، محکمہ جات کے سربراہان اور دیگر متعلقہ افسران نے شرکت کی اور مختلف امور پر تفصیلی بریفنگ دی گئی۔ اس موقع پر انہوں نے
